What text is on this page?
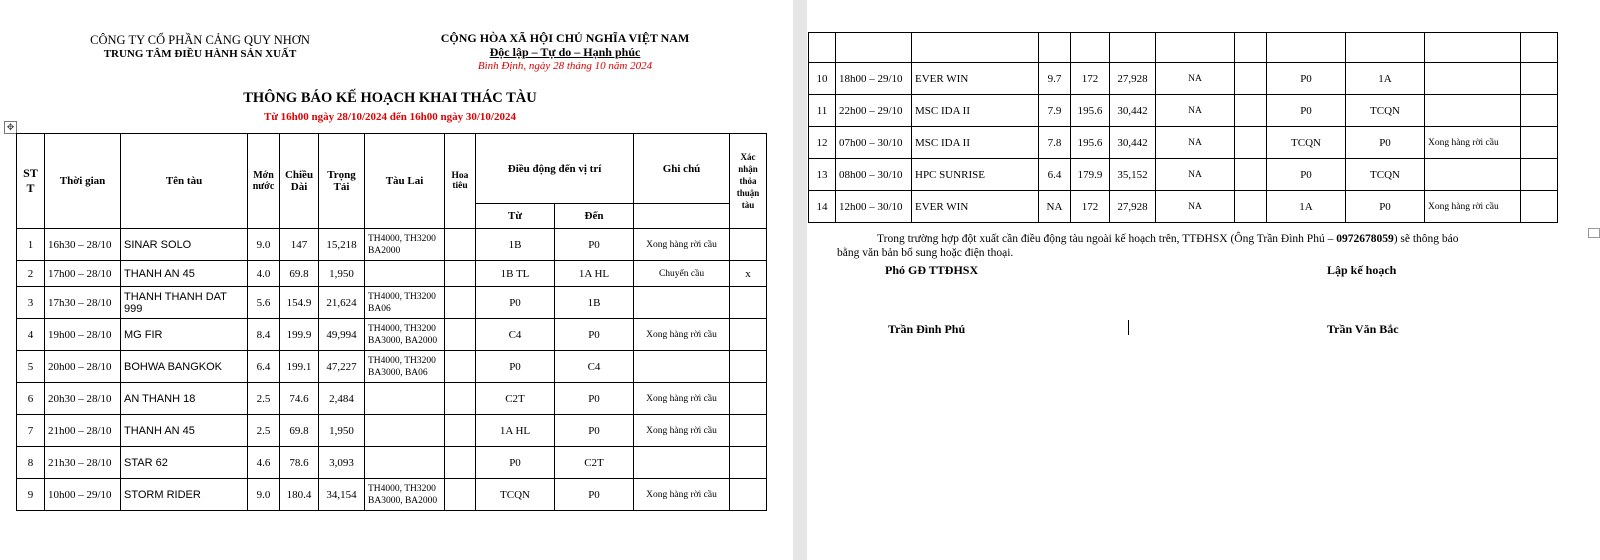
CÔNG TY CỔ PHẦN CẢNG QUY NHƠN
TRUNG TÂM ĐIỀU HÀNH SẢN XUẤT
CỘNG HÒA XÃ HỘI CHỦ NGHĨA VIỆT NAM
Độc lập – Tự do – Hạnh phúc
Bình Định, ngày 28 tháng 10 năm 2024
THÔNG BÁO KẾ HOẠCH KHAI THÁC TÀU
Từ 16h00 ngày 28/10/2024 đến 16h00 ngày 30/10/2024
✥
ST T	Thời gian	Tên tàu	Mớn nước	Chiều Dài	Trọng Tải	Tàu Lai	Hoa tiêu	Điều động đến vị trí		Ghi chú	Xác nhận thỏa thuận tàu
								Từ	Đến		
1	16h30 – 28/10	SINAR SOLO	9.0	147	15,218	TH4000, TH3200 BA2000		1B	P0	Xong hàng rời cầu	
2	17h00 – 28/10	THANH AN 45	4.0	69.8	1,950			1B TL	1A HL	Chuyển cầu	x
3	17h30 – 28/10	THANH THANH DAT 999	5.6	154.9	21,624	TH4000, TH3200 BA06		P0	1B		
4	19h00 – 28/10	MG FIR	8.4	199.9	49,994	TH4000, TH3200 BA3000, BA2000		C4	P0	Xong hàng rời cầu	
5	20h00 – 28/10	BOHWA BANGKOK	6.4	199.1	47,227	TH4000, TH3200 BA3000, BA06		P0	C4		
6	20h30 – 28/10	AN THANH 18	2.5	74.6	2,484			C2T	P0	Xong hàng rời cầu	
7	21h00 – 28/10	THANH AN 45	2.5	69.8	1,950			1A HL	P0	Xong hàng rời cầu	
8	21h30 – 28/10	STAR 62	4.6	78.6	3,093			P0	C2T		
9	10h00 – 29/10	STORM RIDER	9.0	180.4	34,154	TH4000, TH3200 BA3000, BA2000		TCQN	P0	Xong hàng rời cầu	

10	18h00 – 29/10	EVER WIN	9.7	172	27,928	NA		P0	1A		
11	22h00 – 29/10	MSC IDA II	7.9	195.6	30,442	NA		P0	TCQN		
12	07h00 – 30/10	MSC IDA II	7.8	195.6	30,442	NA		TCQN	P0	Xong hàng rời cầu	
13	08h00 – 30/10	HPC SUNRISE	6.4	179.9	35,152	NA		P0	TCQN		
14	12h00 – 30/10	EVER WIN	NA	172	27,928	NA		1A	P0	Xong hàng rời cầu	
Trong trường hợp đột xuất cần điều động tàu ngoài kế hoạch trên, TTĐHSX (Ông Trần Đình Phú – 0972678059) sẽ thông báo
bằng văn bản bổ sung hoặc điện thoại.
Phó GĐ TTĐHSX	Lập kế hoạch
Trần Đình Phú	Trần Văn Bắc
